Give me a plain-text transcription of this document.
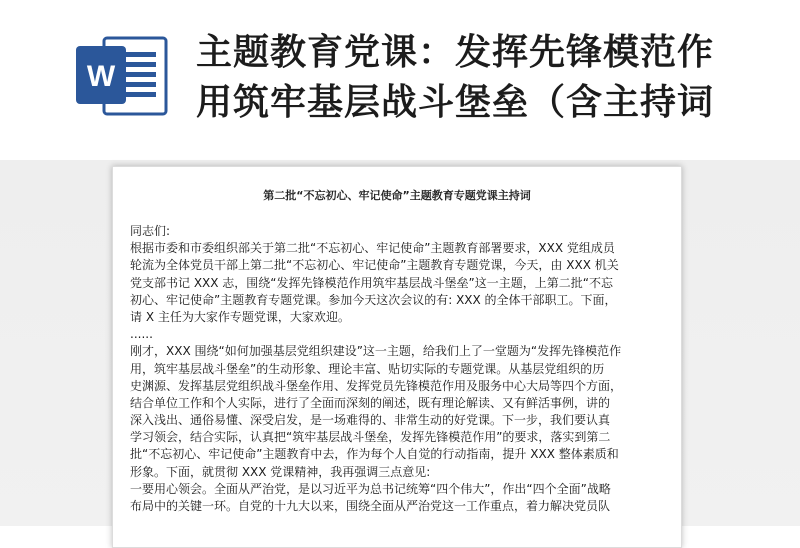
W
主题教育党课：发挥先锋模范作
用筑牢基层战斗堡垒（含主持词
第二批“不忘初心、牢记使命”主题教育专题党课主持词
同志们:
根据市委和市委组织部关于第二批“不忘初心、牢记使命”主题教育部署要求，XXX 党组成员
轮流为全体党员干部上第二批“不忘初心、牢记使命”主题教育专题党课，今天，由 XXX 机关
党支部书记 XXX 志，围绕“发挥先锋模范作用筑牢基层战斗堡垒”这一主题，上第二批“不忘
初心、牢记使命”主题教育专题党课。参加今天这次会议的有: XXX 的全体干部职工。下面，
请 X 主任为大家作专题党课，大家欢迎。
......
刚才，XXX 围绕“如何加强基层党组织建设”这一主题，给我们上了一堂题为“发挥先锋模范作
用，筑牢基层战斗堡垒”的生动形象、理论丰富、贴切实际的专题党课。从基层党组织的历
史渊源、发挥基层党组织战斗堡垒作用、发挥党员先锋模范作用及服务中心大局等四个方面，
结合单位工作和个人实际，进行了全面而深刻的阐述，既有理论解读、又有鲜活事例，讲的
深入浅出、通俗易懂、深受启发，是一场难得的、非常生动的好党课。下一步，我们要认真
学习领会，结合实际，认真把“筑牢基层战斗堡垒，发挥先锋模范作用”的要求，落实到第二
批“不忘初心、牢记使命”主题教育中去，作为每个人自觉的行动指南，提升 XXX 整体素质和
形象。下面，就贯彻 XXX 党课精神，我再强调三点意见:
一要用心领会。全面从严治党，是以习近平为总书记统筹“四个伟大”，作出“四个全面”战略
布局中的关键一环。自党的十九大以来，围绕全面从严治党这一工作重点，着力解决党员队
